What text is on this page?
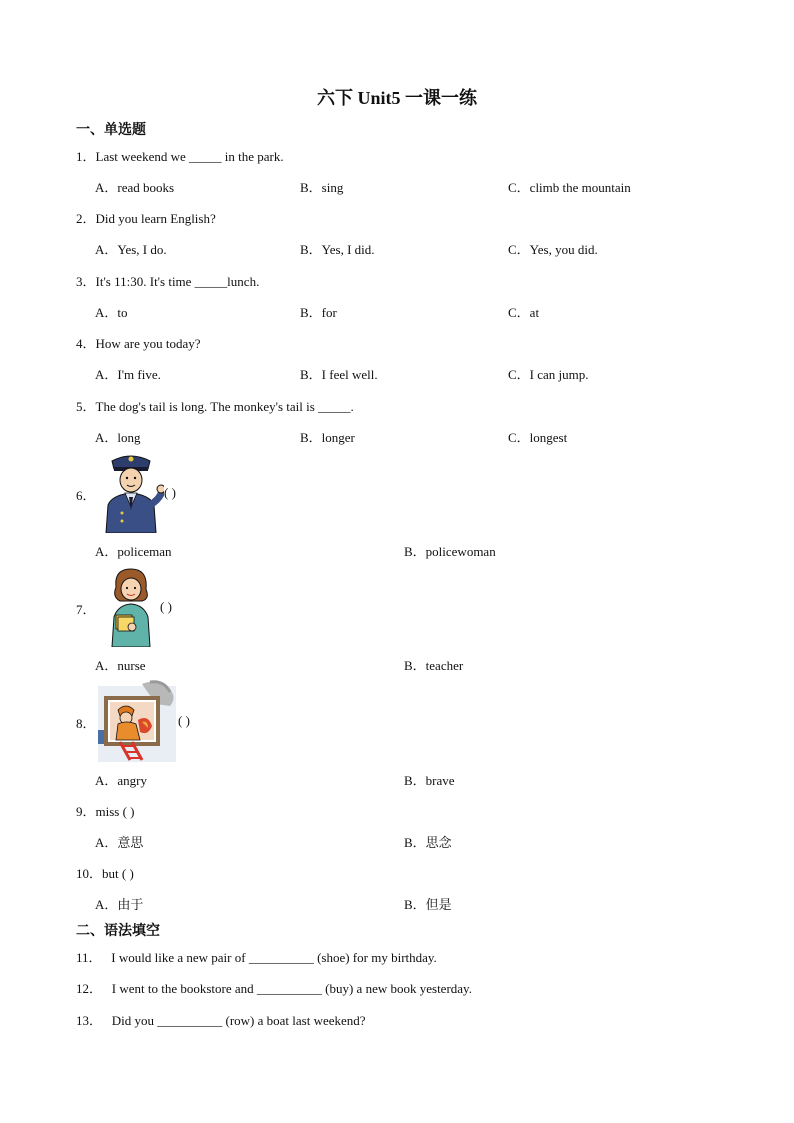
六下 Unit5 一课一练
一、单选题
1．Last weekend we _____ in the park.
A．read books	B．sing	C．climb the mountain
2．Did you learn English?
A．Yes, I do.	B．Yes, I did.	C．Yes, you did.
3．It's 11:30. It's time _____lunch.
A．to	B．for	C．at
4．How are you today?
A．I'm five.	B．I feel well.	C．I can jump.
5．The dog's tail is long. The monkey's tail is _____.
A．long	B．longer	C．longest
6．	( )
A．policeman	B．policewoman
7．	( )
A．nurse	B．teacher
8．	( )
A．angry	B．brave
9．miss ( )
A．意思	B．思念
10．but ( )
A．由于	B．但是
二、语法填空
11． I would like a new pair of __________ (shoe) for my birthday.
12． I went to the bookstore and __________ (buy) a new book yesterday.
13． Did you __________ (row) a boat last weekend?
